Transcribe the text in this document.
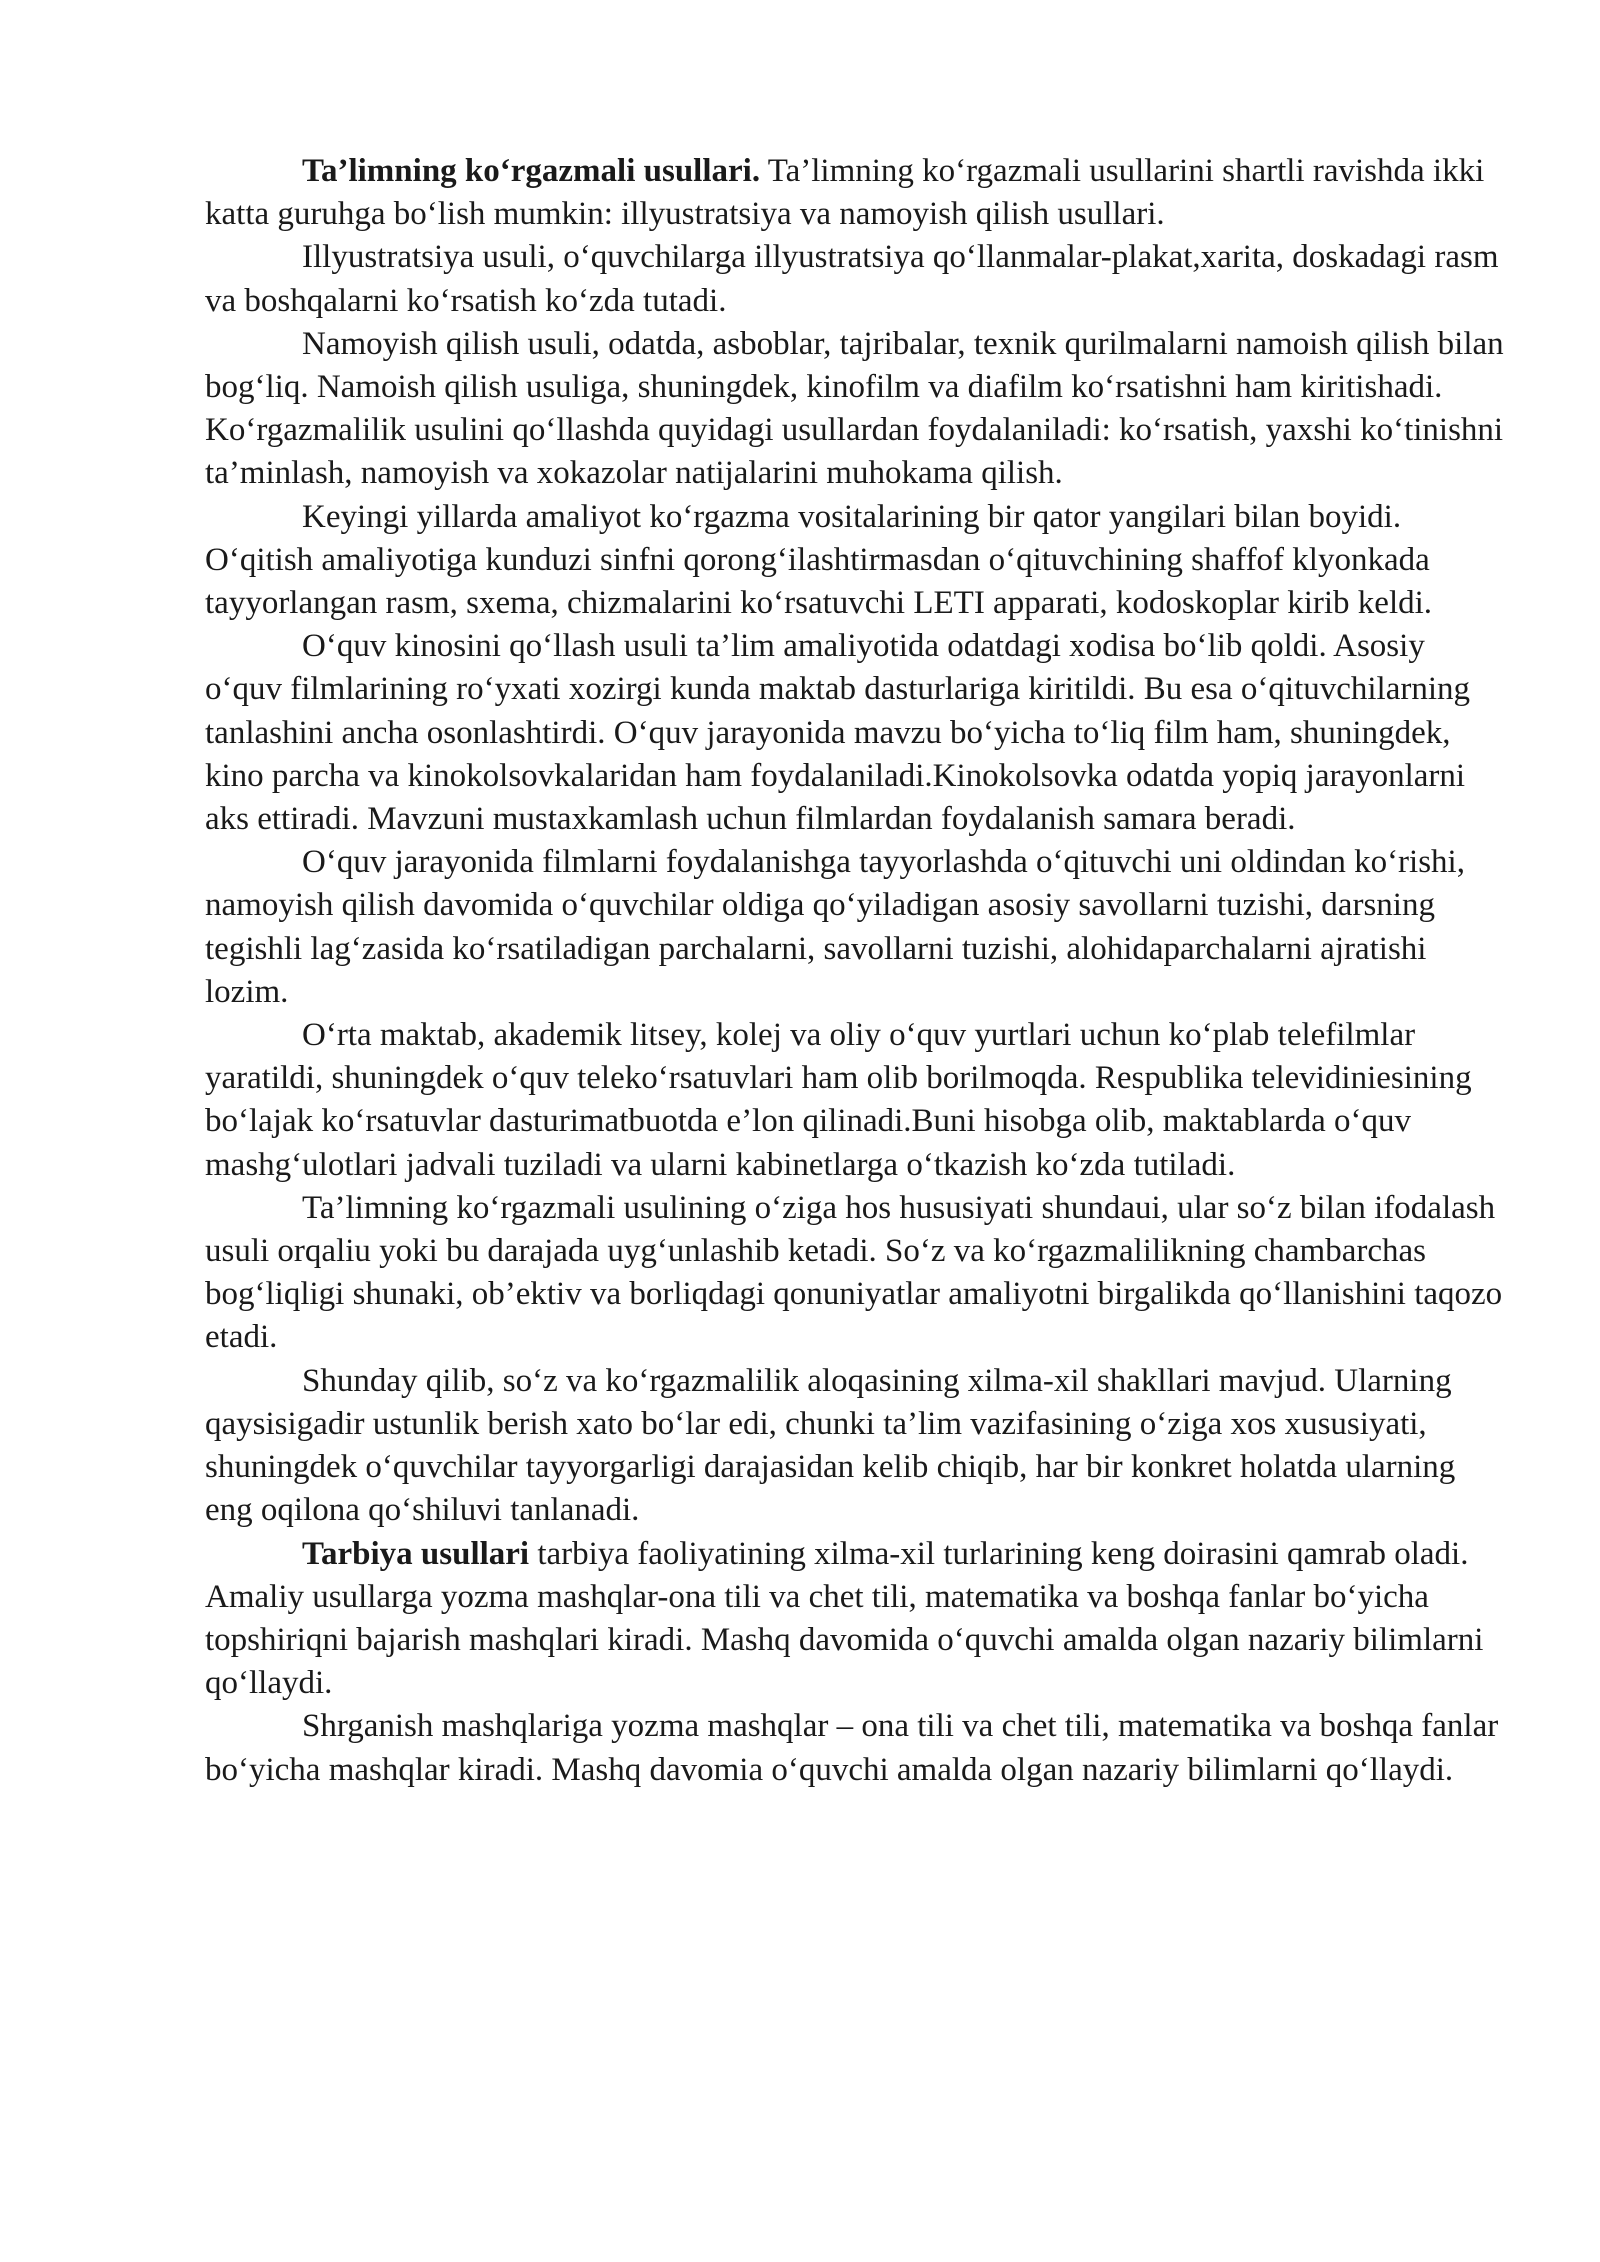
Ta’limning ko‘rgazmali usullari. Ta’limning ko‘rgazmali usullarini shartli ravishda ikki katta guruhga bo‘lish mumkin: illyustratsiya va namoyish qilish usullari.

Illyustratsiya usuli, o‘quvchilarga illyustratsiya qo‘llanmalar-plakat,xarita, doskadagi rasm va boshqalarni ko‘rsatish ko‘zda tutadi.

Namoyish qilish usuli, odatda, asboblar, tajribalar, texnik qurilmalarni namoish qilish bilan bog‘liq. Namoish qilish usuliga, shuningdek, kinofilm va diafilm ko‘rsatishni ham kiritishadi. Ko‘rgazmalilik usulini qo‘llashda quyidagi usullardan foydalaniladi: ko‘rsatish, yaxshi ko‘tinishni ta’minlash, namoyish va xokazolar natijalarini muhokama qilish.

Keyingi yillarda amaliyot ko‘rgazma vositalarining bir qator yangilari bilan boyidi. O‘qitish amaliyotiga kunduzi sinfni qorong‘ilashtirmasdan o‘qituvchining shaffof klyonkada tayyorlangan rasm, sxema, chizmalarini ko‘rsatuvchi LETI apparati, kodoskoplar kirib keldi.

O‘quv kinosini qo‘llash usuli ta’lim amaliyotida odatdagi xodisa bo‘lib qoldi. Asosiy o‘quv filmlarining ro‘yxati xozirgi kunda maktab dasturlariga kiritildi. Bu esa o‘qituvchilarning tanlashini ancha osonlashtirdi. O‘quv jarayonida mavzu bo‘yicha to‘liq film ham, shuningdek, kino parcha va kinokolsovkalaridan ham foydalaniladi.Kinokolsovka odatda yopiq jarayonlarni aks ettiradi. Mavzuni mustaxkamlash uchun filmlardan foydalanish samara beradi.

O‘quv jarayonida filmlarni foydalanishga tayyorlashda o‘qituvchi uni oldindan ko‘rishi, namoyish qilish davomida o‘quvchilar oldiga qo‘yiladigan asosiy savollarni tuzishi, darsning tegishli lag‘zasida ko‘rsatiladigan parchalarni, savollarni tuzishi, alohidaparchalarni ajratishi lozim.

O‘rta maktab, akademik litsey, kolej va oliy o‘quv yurtlari uchun ko‘plab telefilmlar yaratildi, shuningdek o‘quv teleko‘rsatuvlari ham olib borilmoqda. Respublika televidiniesining bo‘lajak ko‘rsatuvlar dasturimatbuotda e’lon qilinadi.Buni hisobga olib, maktablarda o‘quv mashg‘ulotlari jadvali tuziladi va ularni kabinetlarga o‘tkazish ko‘zda tutiladi.

Ta’limning ko‘rgazmali usulining o‘ziga hos hususiyati shundaui, ular so‘z bilan ifodalash usuli orqaliu yoki bu darajada uyg‘unlashib ketadi. So‘z va ko‘rgazmalilikning chambarchas bog‘liqligi shunaki, ob’ektiv va borliqdagi qonuniyatlar amaliyotni birgalikda qo‘llanishini taqozo etadi.

Shunday qilib, so‘z va ko‘rgazmalilik aloqasining xilma-xil shakllari mavjud. Ularning qaysisigadir ustunlik berish xato bo‘lar edi, chunki ta’lim vazifasining o‘ziga xos xususiyati, shuningdek o‘quvchilar tayyorgarligi darajasidan kelib chiqib, har bir konkret holatda ularning eng oqilona qo‘shiluvi tanlanadi.

Tarbiya usullari tarbiya faoliyatining xilma-xil turlarining keng doirasini qamrab oladi. Amaliy usullarga yozma mashqlar-ona tili va chet tili, matematika va boshqa fanlar bo‘yicha topshiriqni bajarish mashqlari kiradi. Mashq davomida o‘quvchi amalda olgan nazariy bilimlarni qo‘llaydi.

Shrganish mashqlariga yozma mashqlar – ona tili va chet tili, matematika va boshqa fanlar bo‘yicha mashqlar kiradi. Mashq davomia o‘quvchi amalda olgan nazariy bilimlarni qo‘llaydi.
